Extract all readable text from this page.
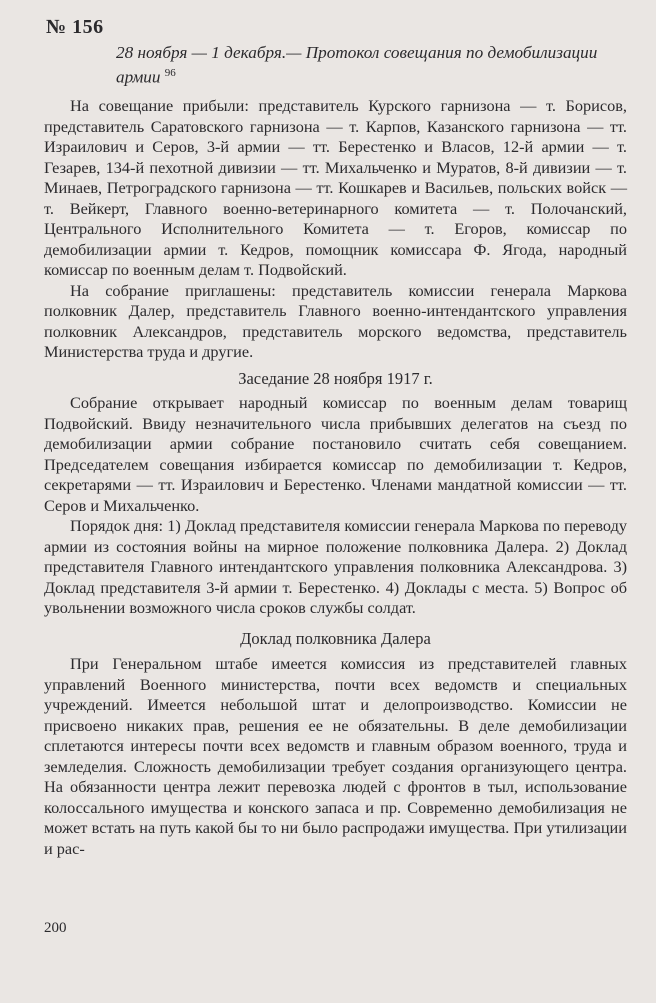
№ 156
28 ноября — 1 декабря.— Протокол совещания по демобилизации армии $^{96}$

На совещание прибыли: представитель Курского гарнизона — т. Борисов, представитель Саратовского гарнизона — т. Карпов, Казанского гарнизона — тт. Израилович и Серов, 3-й армии — тт. Берестенко и Власов, 12-й армии — т. Гезарев, 134-й пехотной дивизии — тт. Михальченко и Муратов, 8-й дивизии — т. Минаев, Петроградского гарнизона — тт. Кошкарев и Васильев, польских войск — т. Вейкерт, Главного военно-ветеринарного комитета — т. Полочанский, Центрального Исполнительного Комитета — т. Егоров, комиссар по демобилизации армии т. Кедров, помощник комиссара Ф. Ягода, народный комиссар по военным делам т. Подвойский.

На собрание приглашены: представитель комиссии генерала Маркова полковник Далер, представитель Главного военно-интендантского управления полковник Александров, представитель морского ведомства, представитель Министерства труда и другие.

Заседание 28 ноября 1917 г.

Собрание открывает народный комиссар по военным делам товарищ Подвойский. Ввиду незначительного числа прибывших делегатов на съезд по демобилизации армии собрание постановило считать себя совещанием. Председателем совещания избирается комиссар по демобилизации т. Кедров, секретарями — тт. Израилович и Берестенко. Членами мандатной комиссии — тт. Серов и Михальченко.

Порядок дня: 1) Доклад представителя комиссии генерала Маркова по переводу армии из состояния войны на мирное положение полковника Далера. 2) Доклад представителя Главного интендантского управления полковника Александрова. 3) Доклад представителя 3-й армии т. Берестенко. 4) Доклады с места. 5) Вопрос об увольнении возможного числа сроков службы солдат.

Доклад полковника Далера

При Генеральном штабе имеется комиссия из представителей главных управлений Военного министерства, почти всех ведомств и специальных учреждений. Имеется небольшой штат и делопроизводство. Комиссии не присвоено никаких прав, решения ее не обязательны. В деле демобилизации сплетаются интересы почти всех ведомств и главным образом военного, труда и земледелия. Сложность демобилизации требует создания организующего центра. На обязанности центра лежит перевозка людей с фронтов в тыл, использование колоссального имущества и конского запаса и пр. Современно демобилизация не может встать на путь какой бы то ни было распродажи имущества. При утилизации и рас-

200
